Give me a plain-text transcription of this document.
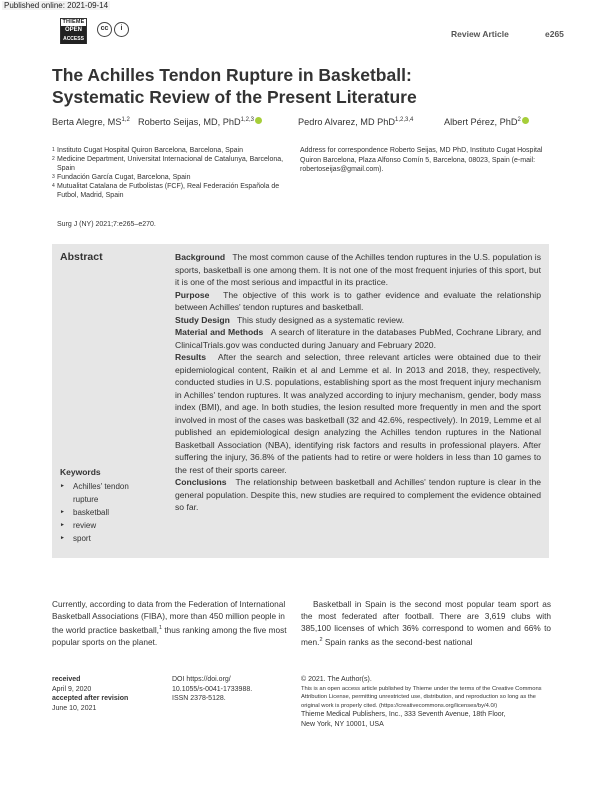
Published online: 2021-09-14
THIEME
OPEN
ACCESS
cc	i
Review Article	e265
The Achilles Tendon Rupture in Basketball:
Systematic Review of the Present Literature
Berta Alegre, MS$^{1,2}$ Roberto Seijas, MD, PhD$^{1,2,3}$	Pedro Alvarez, MD PhD$^{1,2,3,4}$	Albert Pérez, PhD$^2$
1 Instituto Cugat Hospital Quiron Barcelona, Barcelona, Spain
2 Medicine Department, Universitat Internacional de Catalunya, Barcelona, Spain
3 Fundación García Cugat, Barcelona, Spain
4 Mutualitat Catalana de Futbolistas (FCF), Real Federación Española de Futbol, Madrid, Spain
Address for correspondence Roberto Seijas, MD PhD, Instituto Cugat Hospital Quiron Barcelona, Plaza Alfonso Comín 5, Barcelona, 08023, Spain (e-mail: robertoseijas@gmail.com).
Surg J (NY) 2021;7:e265–e270.
Abstract	Background The most common cause of the Achilles tendon ruptures in the U.S. population is sports, basketball is one among them. It is not one of the most frequent injuries of this sport, but it is one of the most serious and impactful in its practice.
Purpose The objective of this work is to gather evidence and evaluate the relationship between Achilles' tendon ruptures and basketball.
Study Design This study designed as a systematic review.
Material and Methods A search of literature in the databases PubMed, Cochrane Library, and ClinicalTrials.gov was conducted during January and February 2020.
Results After the search and selection, three relevant articles were obtained due to their epidemiological content, Raikin et al and Lemme et al. In 2013 and 2018, they, respectively, conducted studies in U.S. populations, establishing sport as the most frequent injury mechanism in Achilles' tendon ruptures. It was analyzed according to injury mechanism, gender, body mass index (BMI), and age. In both studies, the lesion resulted more frequently in men and the sport involved in most of the cases was basketball (32 and 42.6%, respectively). In 2019, Lemme et al published an epidemiological design analyzing the Achilles tendon ruptures in the National Basketball Association (NBA), identifying risk factors and results in professional players. After suffering the injury, 36.8% of the patients had to retire or were holders in less than 10 games to the rest of their sports career.
Conclusions The relationship between basketball and Achilles' tendon rupture is clear in the general population. Despite this, new studies are required to complement the evidence obtained so far.
Keywords
► Achilles' tendon rupture
► basketball
► review
► sport
Currently, according to data from the Federation of International Basketball Associations (FIBA), more than 450 million people in the world practice basketball,$^1$ thus ranking among the five most popular sports on the planet.
Basketball in Spain is the second most popular team sport as the most federated after football. There are 3,619 clubs with 385,100 licenses of which 36% correspond to women and 66% to men.$^2$ Spain ranks as the second-best national
received
April 9, 2020
accepted after revision
June 10, 2021
DOI https://doi.org/
10.1055/s-0041-1733988.
ISSN 2378-5128.
© 2021. The Author(s).
This is an open access article published by Thieme under the terms of the Creative Commons Attribution License, permitting unrestricted use, distribution, and reproduction so long as the original work is properly cited. (https://creativecommons.org/licenses/by/4.0/)
Thieme Medical Publishers, Inc., 333 Seventh Avenue, 18th Floor,
New York, NY 10001, USA
